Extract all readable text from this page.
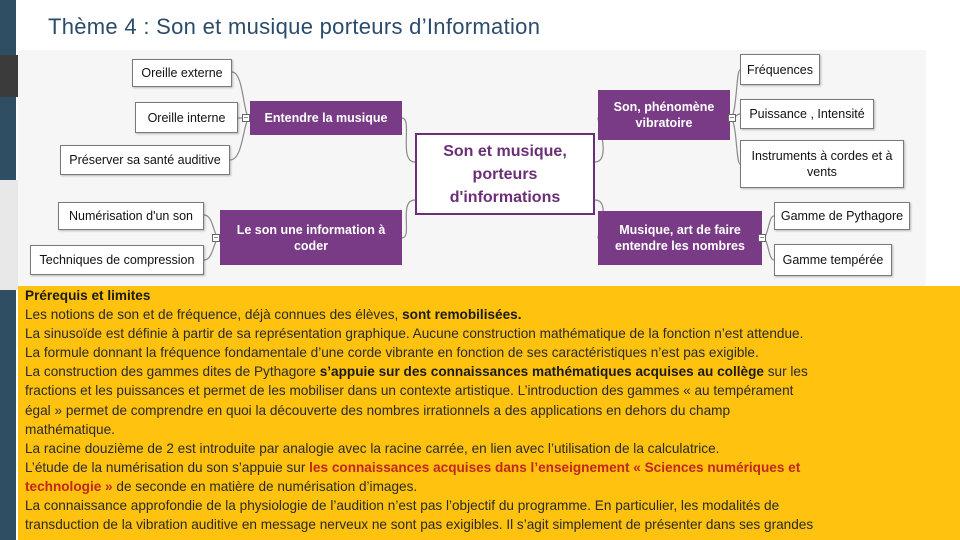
Thème 4 : Son et musique porteurs d’Information
Son et musique, porteurs d'informations
Entendre la musique
−
Oreille externe
Oreille interne
Préserver sa santé auditive
Le son une information à coder
−
Numérisation d'un son
Techniques de compression
Son, phénomène vibratoire	−
Fréquences
Puissance , Intensité
Instruments à cordes et à vents
Musique, art de faire entendre les nombres
−
Gamme de Pythagore
Gamme tempérée

Prérequis et limites

Les notions de son et de fréquence, déjà connues des élèves, sont remobilisées.

La sinusoïde est définie à partir de sa représentation graphique. Aucune construction mathématique de la fonction n’est attendue.

La formule donnant la fréquence fondamentale d’une corde vibrante en fonction de ses caractéristiques n’est pas exigible.

La construction des gammes dites de Pythagore s’appuie sur des connaissances mathématiques acquises au collège sur les

fractions et les puissances et permet de les mobiliser dans un contexte artistique. L’introduction des gammes « au tempérament

égal » permet de comprendre en quoi la découverte des nombres irrationnels a des applications en dehors du champ

mathématique.

La racine douzième de 2 est introduite par analogie avec la racine carrée, en lien avec l’utilisation de la calculatrice.

L’étude de la numérisation du son s’appuie sur les connaissances acquises dans l’enseignement « Sciences numériques et

technologie » de seconde en matière de numérisation d’images.

La connaissance approfondie de la physiologie de l’audition n’est pas l’objectif du programme. En particulier, les modalités de

transduction de la vibration auditive en message nerveux ne sont pas exigibles. Il s’agit simplement de présenter dans ses grandes
